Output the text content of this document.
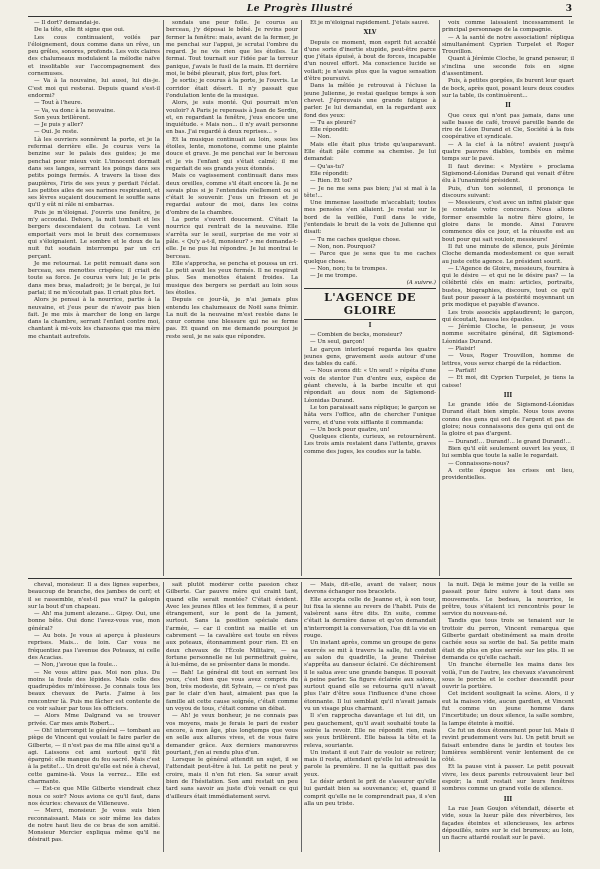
Le Progrès Illustré	3

— Il dort? demandai-je.

De la tête, elle fit signe que oui.

Les cous continuaient, voilés par l'éloignement, doux comme dans un rêve, un peu grêles, sonores, profonds. Les voix claires des chalumeaux modulaient la mélodie naïve et insolitable sur l'accompagnement des cornemuses.

— Va à la nouvaine, lui aussi, lui dis-je. C'est moi qui resterai. Depuis quand s'est-il endormi?

— Tout à l'heure.

— Va, va donc à la neuvaine.

Son yeux brillèrent.

— Je puis y aller?

— Oui. Je reste.

Là les ouvriers sonnèrent la porte, et je la refermai derrière elle. Je courus vers la benzine sur le palais des guides; je me penchai pour mieux voir. L'innocent dormait dans ses langes, serrant les poings dans ses petits poings fermés. A travers la tisse des paupières, l'iris de ses yeux y perdait l'éclat. Les petites ailes de ses narines respiraient, et ses lèvres suçaient doucement le souffle sans qu'il y eût ni râle ni embarras.

Puis je m'éloignai. J'ouvris une fenêtre, je m'y accoudai. Dehors, la nuit tombait et les bergers descendaient du coteau. Le vent emportait vers moi le bruit des cornemuses qui s'éloignaient. Le sombre et le doux de la nuit fut soudain interrompu par un cri perçant.

Je me retournai. Le petit remuait dans son berceau, ses menottes crispées; il criait de toute sa force. Je courus vers lui; je le pris dans mes bras, maladroit; je le berçai, je lui parlai; il ne m'écoutait pas. Il criait plus fort.

Alors je pensai à la nourrice, partie à la neuvaine, et j'eus peur de n'avoir pas bien fait. Je me mis à marcher de long en large dans la chambre, serrant l'enfant contre moi, chantant à mi-voix les chansons que ma mère me chantait autrefois.

sondais une peur folle. Je courus au berceau, j'y déposai le bébé. Je revins pour fermer la fenêtre: mais, avant de la fermer, je me penchai sur l'appui, je scrutai l'ombre du regard. Je ne vis rien que les étoiles. Le fermai. Tout tournait sur l'idée par la terreur panique, j'avais le fusil de la main. Et derrière moi, le bébé pleurait, plus fort, plus fort.

Je sortis; je courus à la porte, je l'ouvris. Le corridor était désert. Il n'y passait que l'ondulation lente de la musique.

Alors, je suis monté. Qui pourrait m'en vouloir? A Paris je repensais à Jean de Serdin, et, en regardant la fenêtre, j'eus encore une inquiétude. « Mais non... il n'y avait personne en bas. J'ai regardé à deux reprises... »

Et la musique continuait au loin, sous les étoiles, lente, monotone, comme une plainte douce et grave. Je me penchai sur le berceau et je vis l'enfant qui s'était calmé; il me regardait de ses grands yeux étonnés.

Mais ce vagissement continuait dans mes deux oreilles, comme s'il était encore là. Je ne savais plus si je l'entendais réellement ou si c'était le souvenir. J'eus un frisson et je regardai autour de moi, dans les coins d'ombre de la chambre.

La porte s'ouvrit doucement. C'était la nourrice qui rentrait de la neuvaine. Elle s'arrêta sur le seuil, surprise de me voir si pâle. « Qu'y a-t-il, monsieur? » me demanda-t-elle. Je ne pus lui répondre. Je lui montrai le berceau.

Elle s'approcha, se pencha et poussa un cri. Le petit avait les yeux fermés. Il ne respirait plus. Ses menottes étaient froides. La musique des bergers se perdait au loin sous les étoiles.

Depuis ce jour-là, je n'ai jamais plus entendu les chalumeaux de Noël sans frémir. La nuit de la neuvaine m'est restée dans le cœur comme une blessure qui ne se ferme pas. Et quand on me demande pourquoi je reste seul, je ne sais que répondre.

Et je m'éloignai rapidement. J'étais sauvé.

XLV

Depuis ce moment, mon esprit fut accablé d'une sorte d'inertie stupide, peut-être parce que j'étais épuisé, à bout de forces, incapable d'un nouvel effort. Ma conscience lucide se voilait; je n'avais plus que la vague sensation d'être poursuivi.

Dans la mêlée je retrouvai à l'écluse la jeune Julienne, je restai quelque temps à son chevet. J'épreuvais une grande fatigue à parler. Je lui demandai, en la regardant aux fond des yeux:

— Tu as pleuré?

Elle répondit:

— Non.

Mais elle était plus triste qu'auparavant. Elle était pâle comme sa chemise. Je lui demandai:

— Qu'as-tu?

Elle répondit:

— Rien. Et toi?

— Je ne me sens pas bien; j'ai si mal à la tête!...

Une immense lassitude m'accablait; toutes mes pensées s'en allaient. Je restai sur le bord de la veillée, l'œil dans le vide, j'entendais le bruit de la voix de Julienne qui disait:

— Tu me caches quelque chose.

— Non, non. Pourquoi?

— Parce que je sens que tu me caches quelque chose.

— Non, non; tu te trompes.

— Je me trompe.

(A suivre.)

L'AGENCE DE GLOIRE

I

— Combien de becks, monsieur?

— Un seul, garçon!

Le garçon interloqué regarda les quatre jeunes gens, gravement assis autour d'une des tables du café.

— Nous avons dit: « Un seul! » répéta d'une voix de stentor l'un d'entre eux, espèce de géant chevelu, à la barbe inculte et qui répondait au doux nom de Sigismond-Léonidas Durand.

Le ton paraissait sans réplique; le garçon se hâta vers l'office, afin de chercher l'unique verre, et d'une voix sifflante il commanda:

— Un bock pour quatre, un!

Quelques clients, curieux, se retournèrent. Les trois amis restaient dans l'attente, graves comme des juges, les coudes sur la table.

voix comme laissaient incessamment le principal personnage de la compagnie.

— A la santé de notre association! répliqua simultanément Cyprien Turpelet et Roger Trouvillon.

Quant à Jérémie Cloche, le grand penseur, il s'inclina une seconde fois en signe d'assentiment.

Puis, à petites gorgées, ils burent leur quart de bock, après quoi, posant leurs deux coudes sur la table, ils continuèrent...

II

Que ceux qui n'ont pas jamais, dans une salle basse de café, trouvé pareille bande de rire de Léon Durand et Cie, Société à la fois coopérative et syndicale.

— A la cie! à la nôtre! avaient jusqu'à quatre pauvres diables, tombés en même temps sur le pavé.

Il faut devine: « Mystère » proclama Sigismond-Léonidas Durand qui venait d'être élu à l'unanimité président.

Puis, d'un ton solennel, il prononça le discours suivant:

— Messieurs, c'est avec un infini plaisir que je constate votre concours. Nous allons former ensemble la notre fière gloire, le gloire dans le monde. Ainsi l'œuvre commence dès ce jour, et la réussite est au bout pour qui sait vouloir, messieurs!

Il fut une minute de silence, puis Jérémie Cloche demanda modestement ce que serait au juste cette agence. Le président sourit.

— L'Agence de Gloire, messieurs, fournira à qui le désire — et qui ne le désire pas? — la célébrité clés en main: articles, portraits, bustes, biographies, discours, tout ce qu'il faut pour passer à la postérité moyennant un prix modique et payable d'avance.

Les trois associés applaudirent; le garçon, qui écoutait, haussa les épaules.

— Jérémie Cloche, le penseur, je vous nomme secrétaire général, dit Sigismond-Léonidas Durand.

— Plaisir!

— Vous, Roger Trouvillon, homme de lettres, vous serez chargé de la rédaction.

— Parfait!

— Et moi, dit Cyprien Turpelet, je tiens la caisse!

III

Le grande idée de Sigismond-Léonidas Durand était bien simple. Nous tous avons connu des gens qui ont de l'argent et pas de gloire; nous connaissons des gens qui ont de la gloire et pas d'argent.

— Durand!... Durand!... le grand Durand!...

Bien qu'il eût seulement ouvert les yeux, il lui sembla que toute la salle le regardait.

— Connaissons-nous?

A cette époque les crises ont lieu, providentielles.

cheval, monsieur. Il a des lignes superbes, beaucoup de branche, des jambes de cerf; et il se rassemble, n'est-il pas vrai? la galopin sur la bout d'un chapeau.

— Ah! ma jument alezane... Gipsy. Oui, une bonne bête. Oui donc l'avez-vous vue, mon général?

— Au bois. Je vous ai aperçu à plusieurs reprises. Mais... de loin. Car vous ne fréquentiez pas l'avenue des Poteaux, ni celle des Acacias.

— Non, j'avoue que la foule...

— Ne vous attire pas. Moi non plus. Du moins la foule des lépides. Mais celle des quadrupèdes m'intéresse. Je connais tous les beaux chevaux de Paris. J'aime à les rencontrer là. Puis me fâcher est contente de ce voir saluer par tous les officiers.

— Alors Mme Dalgrand va se trouver privée. Car mes amis Robert...

— Oh! interrompit le général — tombant au piège de Vincent qui voulait le faire parler de Gilberte, — il n'est pas de ma fille ainsi qu'il a agi. Laissons cet ami surtout qu'il fût épargné: elle manque du feu sacré. Mais c'est à la petite!... Un droit qu'elle est née à cheval, cette gamine-là. Vous la verrez... Elle est charmante.

— Est-ce que Mlle Gilberte viendrait chez nous ce soir? Nous avions ce qu'il faut, dans nos écuries: chevaux de Villeneuve.

— Merci, monsieur. Je vous suis bien reconnaissant. Mais ce soir même les dates de notre haut lieu de ce bras de son amitié. Monsieur Mercier expliqua même qu'il ne désirait pas.

sait plutôt modérer cette passion chez Gilberte. Car pauvre mère qui craint tant, quand elle serait montée? C'était évident. Avec les jeunes filles et les femmes, il a peur étrangement, sur le pont de la jument, surtout. Sans la position spéciale dans l'armée, — car il contint sa maille et un cabrement — la cavalière est toute en rêves aux poteaux, étonnamment pour rien. Et en deux chevaux de l'École Militaire, — sa fortune personnelle ne lui permettrait guère, à lui-même, de se présenter dans le monde.

— Bah! Le général dit tout en serrant les yeux, c'est bien que vous avez compris du bon, très modeste, dit Sylvain, — ce n'est pas par le clair d'en haut, aimaient pas que la famille ait cette cause soignée, c'était comme un voyou de tous, c'était comme un débat.

— Ah! je veux bonheur, je ne connais pas vos moyens, mais je ferais le pari de rester encore, à mon âge, plus longtemps que vous en selle aux allures vives, et de vous faire demander grâce. Aux derniers manœuvres pourtant, j'en ai rendu plus d'un.

Lorsque le général attendit un sujet, il se l'attendait peut-être à lui. Le petit ne peut y croire, mais il n'en fut rien. Sa sœur avait bien de l'hésitation. Son ami restait un peu tard sans savoir au juste d'où venait ce qui d'ailleurs était immédiatement servi.

— Mais, dit-elle, avant de valser, nous devrons échanger nos bracelets.

Elle accepta celle de Jeanne et, à son tour, lui fixa la sienne au revers de l'habit. Puis de valsèrent sans être dits. En suite, comme c'était la dernière danse et qu'on demandait n'interrompit la conversation, l'ue dit la vie en rouge.

Un instant après, comme un groupe de gens exercés se mit à travers la salle, fut conduit au salon du quadrille, la jeune Thérèse s'apprêta au danseur éclairé. Ce déchirement il le salua avec une grande banque. Il pouvait à peine parler. Sa figure éclairée aux salons, surtout quand elle se retourna qu'il n'avait plus l'air d'être sous l'influence d'une chose étonnante. Il lui semblait qu'il n'avait jamais vu un visage plus charmant.

Il s'en rapprocha davantage et lui dit, un peu gauchement, qu'il avait souhaité toute la soirée la revoir. Elle ne répondit rien, mais ses yeux brillèrent. Elle baissa la tête et la releva, souriante.

Un instant il eut l'air de vouloir se retirer; mais il resta, attendant qu'elle lui adressât la parole la première. Il ne la quittait pas des yeux.

Le désir ardent le prit de s'assurer qu'elle lui gardait bien sa souvenance; et, quand il comprit qu'elle ne le comprendrait pas, il s'en alla un peu triste.

la nuit. Déjà le même jour de la veille se passait pour faire suivre à tout dans ses mouvements. Le bedeau, la nourrice, le prêtre, tous s'étaient ici rencontrés pour le service du nouveau-né.

Tandis que tous trois se tenaient sur le trottoir du perron, Vincent remarqua que Gilberte gardait obstinément sa main droite cachée sous sa sortie de bal. Sa petite main était de plus en plus serrée sur les plis. Il se demanda ce qu'elle cachait.

Un franche éternelle les mains dans les voilà, l'un de l'autre, les chevaux s'avancèrent sous le porche et le cocher descendit pour ouvrir la portière.

Cet incident soulignait la scène. Alors, il y eut la maison vide, aucun gardien, et Vincent fut comme un jeune homme dans l'incertitude; un doux silence, la salle sombre, la lampe éteinte à moitié.

Ce fut un doux étonnement pour lui. Mais il revint prudemment vers lui. Un petit bruit se faisait entendre dans le jardin et toutes les lumières semblèrent venir lentement de ce côté.

Et la pause vint à passer. Le petit pouvait vivre, les deux parents retrouvaient leur bel espoir; la nuit restait sur leurs fenêtres sombres comme un grand voile de silence.

III

La rue Jean Goujon s'étendait, déserte et vide, sous la lueur pâle des réverbères, les façades éteintes et silencieuses, les arbres dépouillés, noirs sur le ciel brumeux; au loin, un fiacre attardé roulait sur le pavé.
